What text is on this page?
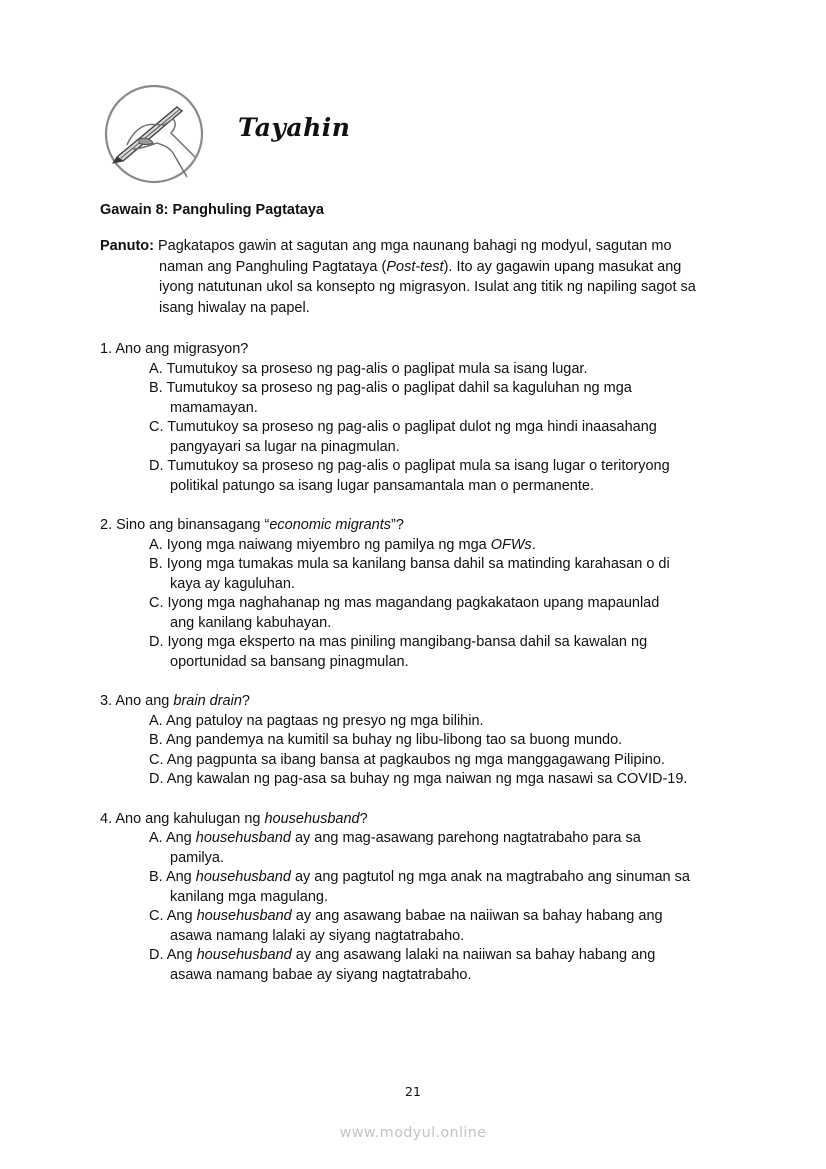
Tayahin
Gawain 8: Panghuling Pagtataya
Panuto: Pagkatapos gawin at sagutan ang mga naunang bahagi ng modyul, sagutan mo
naman ang Panghuling Pagtataya (Post-test). Ito ay gagawin upang masukat ang
iyong natutunan ukol sa konsepto ng migrasyon. Isulat ang titik ng napiling sagot sa
isang hiwalay na papel.
1. Ano ang migrasyon?
A. Tumutukoy sa proseso ng pag-alis o paglipat mula sa isang lugar.
B. Tumutukoy sa proseso ng pag-alis o paglipat dahil sa kaguluhan ng mga
mamamayan.
C. Tumutukoy sa proseso ng pag-alis o paglipat dulot ng mga hindi inaasahang
pangyayari sa lugar na pinagmulan.
D. Tumutukoy sa proseso ng pag-alis o paglipat mula sa isang lugar o teritoryong
politikal patungo sa isang lugar pansamantala man o permanente.
2. Sino ang binansagang “economic migrants”?
A. Iyong mga naiwang miyembro ng pamilya ng mga OFWs.
B. Iyong mga tumakas mula sa kanilang bansa dahil sa matinding karahasan o di
kaya ay kaguluhan.
C. Iyong mga naghahanap ng mas magandang pagkakataon upang mapaunlad
ang kanilang kabuhayan.
D. Iyong mga eksperto na mas piniling mangibang-bansa dahil sa kawalan ng
oportunidad sa bansang pinagmulan.
3. Ano ang brain drain?
A. Ang patuloy na pagtaas ng presyo ng mga bilihin.
B. Ang pandemya na kumitil sa buhay ng libu-libong tao sa buong mundo.
C. Ang pagpunta sa ibang bansa at pagkaubos ng mga manggagawang Pilipino.
D. Ang kawalan ng pag-asa sa buhay ng mga naiwan ng mga nasawi sa COVID-19.
4. Ano ang kahulugan ng househusband?
A. Ang househusband ay ang mag-asawang parehong nagtatrabaho para sa
pamilya.
B. Ang househusband ay ang pagtutol ng mga anak na magtrabaho ang sinuman sa
kanilang mga magulang.
C. Ang househusband ay ang asawang babae na naiiwan sa bahay habang ang
asawa namang lalaki ay siyang nagtatrabaho.
D. Ang househusband ay ang asawang lalaki na naiiwan sa bahay habang ang
asawa namang babae ay siyang nagtatrabaho.
21
www.modyul.online
